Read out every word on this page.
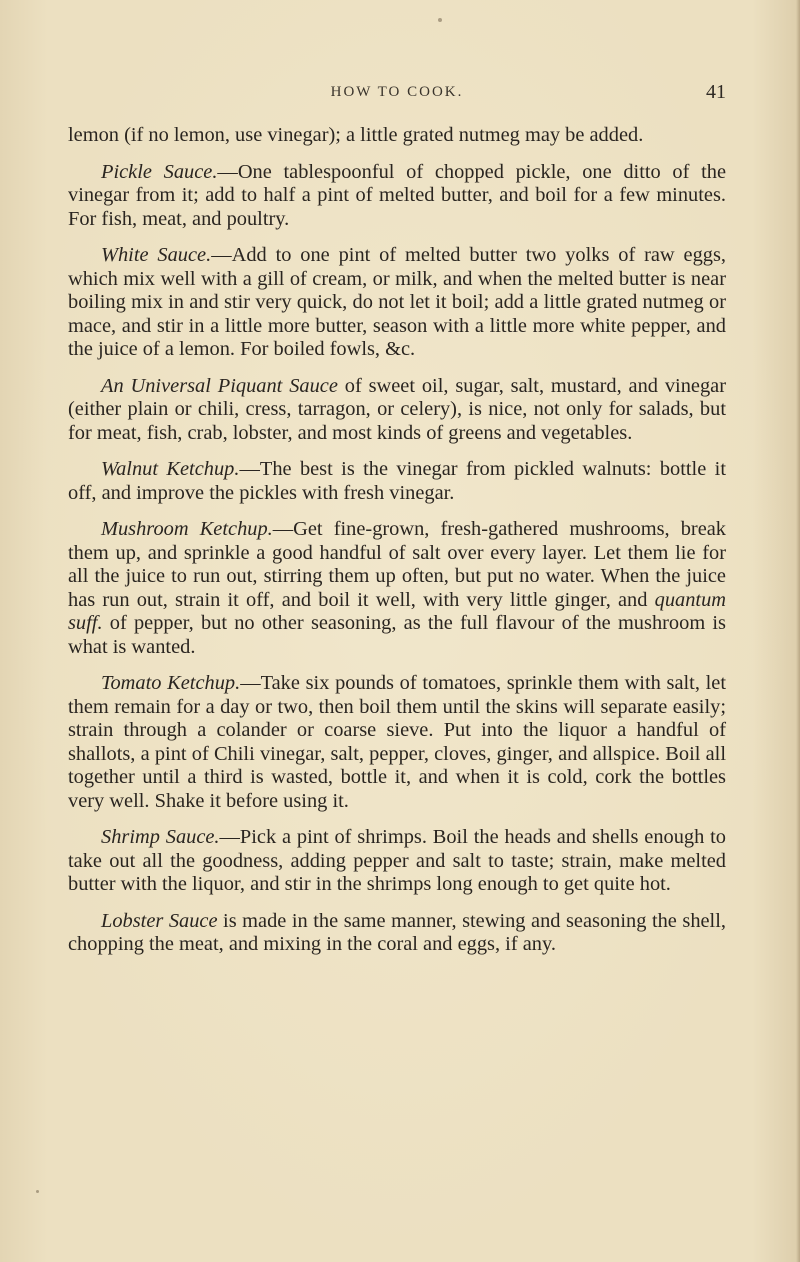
HOW TO COOK.	41

lemon (if no lemon, use vinegar); a little grated nutmeg may be added.

Pickle Sauce.—One tablespoonful of chopped pickle, one ditto of the vinegar from it; add to half a pint of melted butter, and boil for a few minutes. For fish, meat, and poultry.

White Sauce.—Add to one pint of melted butter two yolks of raw eggs, which mix well with a gill of cream, or milk, and when the melted butter is near boiling mix in and stir very quick, do not let it boil; add a little grated nutmeg or mace, and stir in a little more butter, season with a little more white pepper, and the juice of a lemon. For boiled fowls, &c.

An Universal Piquant Sauce of sweet oil, sugar, salt, mustard, and vinegar (either plain or chili, cress, tarragon, or celery), is nice, not only for salads, but for meat, fish, crab, lobster, and most kinds of greens and vegetables.

Walnut Ketchup.—The best is the vinegar from pickled walnuts: bottle it off, and improve the pickles with fresh vinegar.

Mushroom Ketchup.—Get fine-grown, fresh-gathered mushrooms, break them up, and sprinkle a good handful of salt over every layer. Let them lie for all the juice to run out, stirring them up often, but put no water. When the juice has run out, strain it off, and boil it well, with very little ginger, and quantum suff. of pepper, but no other seasoning, as the full flavour of the mushroom is what is wanted.

Tomato Ketchup.—Take six pounds of tomatoes, sprinkle them with salt, let them remain for a day or two, then boil them until the skins will separate easily; strain through a colander or coarse sieve. Put into the liquor a handful of shallots, a pint of Chili vinegar, salt, pepper, cloves, ginger, and allspice. Boil all together until a third is wasted, bottle it, and when it is cold, cork the bottles very well. Shake it before using it.

Shrimp Sauce.—Pick a pint of shrimps. Boil the heads and shells enough to take out all the goodness, adding pepper and salt to taste; strain, make melted butter with the liquor, and stir in the shrimps long enough to get quite hot.

Lobster Sauce is made in the same manner, stewing and seasoning the shell, chopping the meat, and mixing in the coral and eggs, if any.
